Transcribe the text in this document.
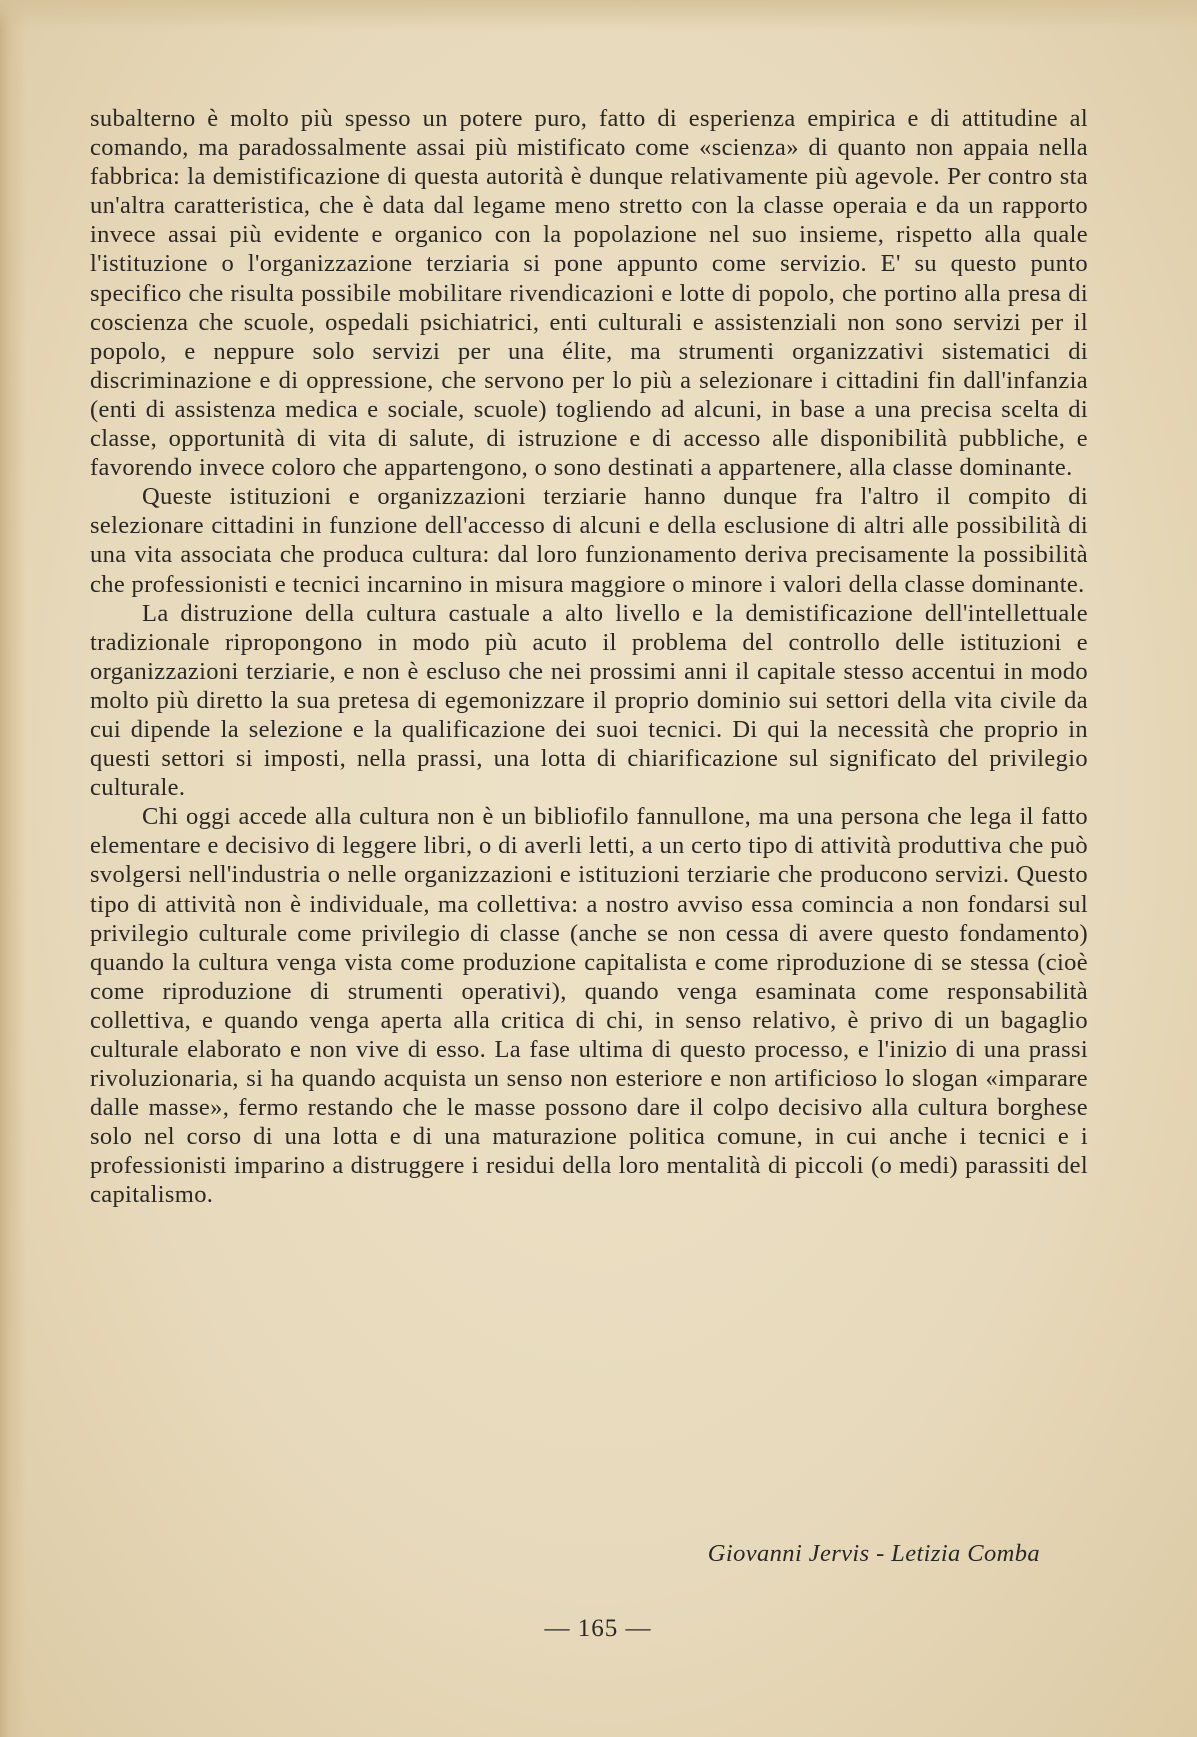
subalterno è molto più spesso un potere puro, fatto di esperienza empirica e di attitudine al comando, ma paradossalmente assai più mistificato come «scienza» di quanto non appaia nella fabbrica: la demistificazione di questa autorità è dunque relativamente più agevole. Per contro sta un'altra caratteristica, che è data dal legame meno stretto con la classe operaia e da un rapporto invece assai più evidente e organico con la popolazione nel suo insieme, rispetto alla quale l'istituzione o l'organizzazione terziaria si pone appunto come servizio. E' su questo punto specifico che risulta possibile mobilitare rivendicazioni e lotte di popolo, che portino alla presa di coscienza che scuole, ospedali psichiatrici, enti culturali e assistenziali non sono servizi per il popolo, e neppure solo servizi per una élite, ma strumenti organizzativi sistematici di discriminazione e di oppressione, che servono per lo più a selezionare i cittadini fin dall'infanzia (enti di assistenza medica e sociale, scuole) togliendo ad alcuni, in base a una precisa scelta di classe, opportunità di vita di salute, di istruzione e di accesso alle disponibilità pubbliche, e favorendo invece coloro che appartengono, o sono destinati a appartenere, alla classe dominante.

Queste istituzioni e organizzazioni terziarie hanno dunque fra l'altro il compito di selezionare cittadini in funzione dell'accesso di alcuni e della esclusione di altri alle possibilità di una vita associata che produca cultura: dal loro funzionamento deriva precisamente la possibilità che professionisti e tecnici incarnino in misura maggiore o minore i valori della classe dominante.

La distruzione della cultura castuale a alto livello e la demistificazione dell'intellettuale tradizionale ripropongono in modo più acuto il problema del controllo delle istituzioni e organizzazioni terziarie, e non è escluso che nei prossimi anni il capitale stesso accentui in modo molto più diretto la sua pretesa di egemonizzare il proprio dominio sui settori della vita civile da cui dipende la selezione e la qualificazione dei suoi tecnici. Di qui la necessità che proprio in questi settori si imposti, nella prassi, una lotta di chiarificazione sul significato del privilegio culturale.

Chi oggi accede alla cultura non è un bibliofilo fannullone, ma una persona che lega il fatto elementare e decisivo di leggere libri, o di averli letti, a un certo tipo di attività produttiva che può svolgersi nell'industria o nelle organizzazioni e istituzioni terziarie che producono servizi. Questo tipo di attività non è individuale, ma collettiva: a nostro avviso essa comincia a non fondarsi sul privilegio culturale come privilegio di classe (anche se non cessa di avere questo fondamento) quando la cultura venga vista come produzione capitalista e come riproduzione di se stessa (cioè come riproduzione di strumenti operativi), quando venga esaminata come responsabilità collettiva, e quando venga aperta alla critica di chi, in senso relativo, è privo di un bagaglio culturale elaborato e non vive di esso. La fase ultima di questo processo, e l'inizio di una prassi rivoluzionaria, si ha quando acquista un senso non esteriore e non artificioso lo slogan «imparare dalle masse», fermo restando che le masse possono dare il colpo decisivo alla cultura borghese solo nel corso di una lotta e di una maturazione politica comune, in cui anche i tecnici e i professionisti imparino a distruggere i residui della loro mentalità di piccoli (o medi) parassiti del capitalismo.

Giovanni Jervis - Letizia Comba
— 165 —
